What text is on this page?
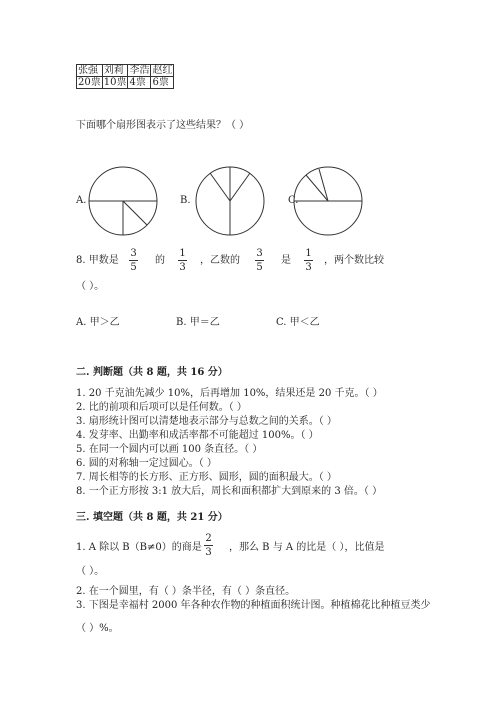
张强	刘莉	李浩	赵红
20票	10票	4票	6票
下面哪个扇形图表示了这些结果？（ ）
A.	B.	C.
8. 甲数是
3
5
的
1
3
，乙数的
3
5
是
1
3
，两个数比较
（ ）。
A. 甲＞乙	B. 甲＝乙	C. 甲＜乙
二. 判断题（共 8 题，共 16 分）
1. 20 千克油先减少 10%，后再增加 10%，结果还是 20 千克。（ ）
2. 比的前项和后项可以是任何数。（ ）
3. 扇形统计图可以清楚地表示部分与总数之间的关系。（ ）
4. 发芽率、出勤率和成活率都不可能超过 100%。（ ）
5. 在同一个圆内可以画 100 条直径。（ ）
6. 圆的对称轴一定过圆心。（ ）
7. 周长相等的长方形、正方形、圆形，圆的面积最大。（ ）
8. 一个正方形按 3:1 放大后，周长和面积都扩大到原来的 3 倍。（ ）
三. 填空题（共 8 题，共 21 分）
1. A 除以 B（B≠0）的商是
2
3 ，那么 B 与 A 的比是（ ），比值是
（ ）。
2. 在一个圆里，有（ ）条半径，有（ ）条直径。
3. 下图是幸福村 2000 年各种农作物的种植面积统计图。种植棉花比种植豆类少
（ ）%。
